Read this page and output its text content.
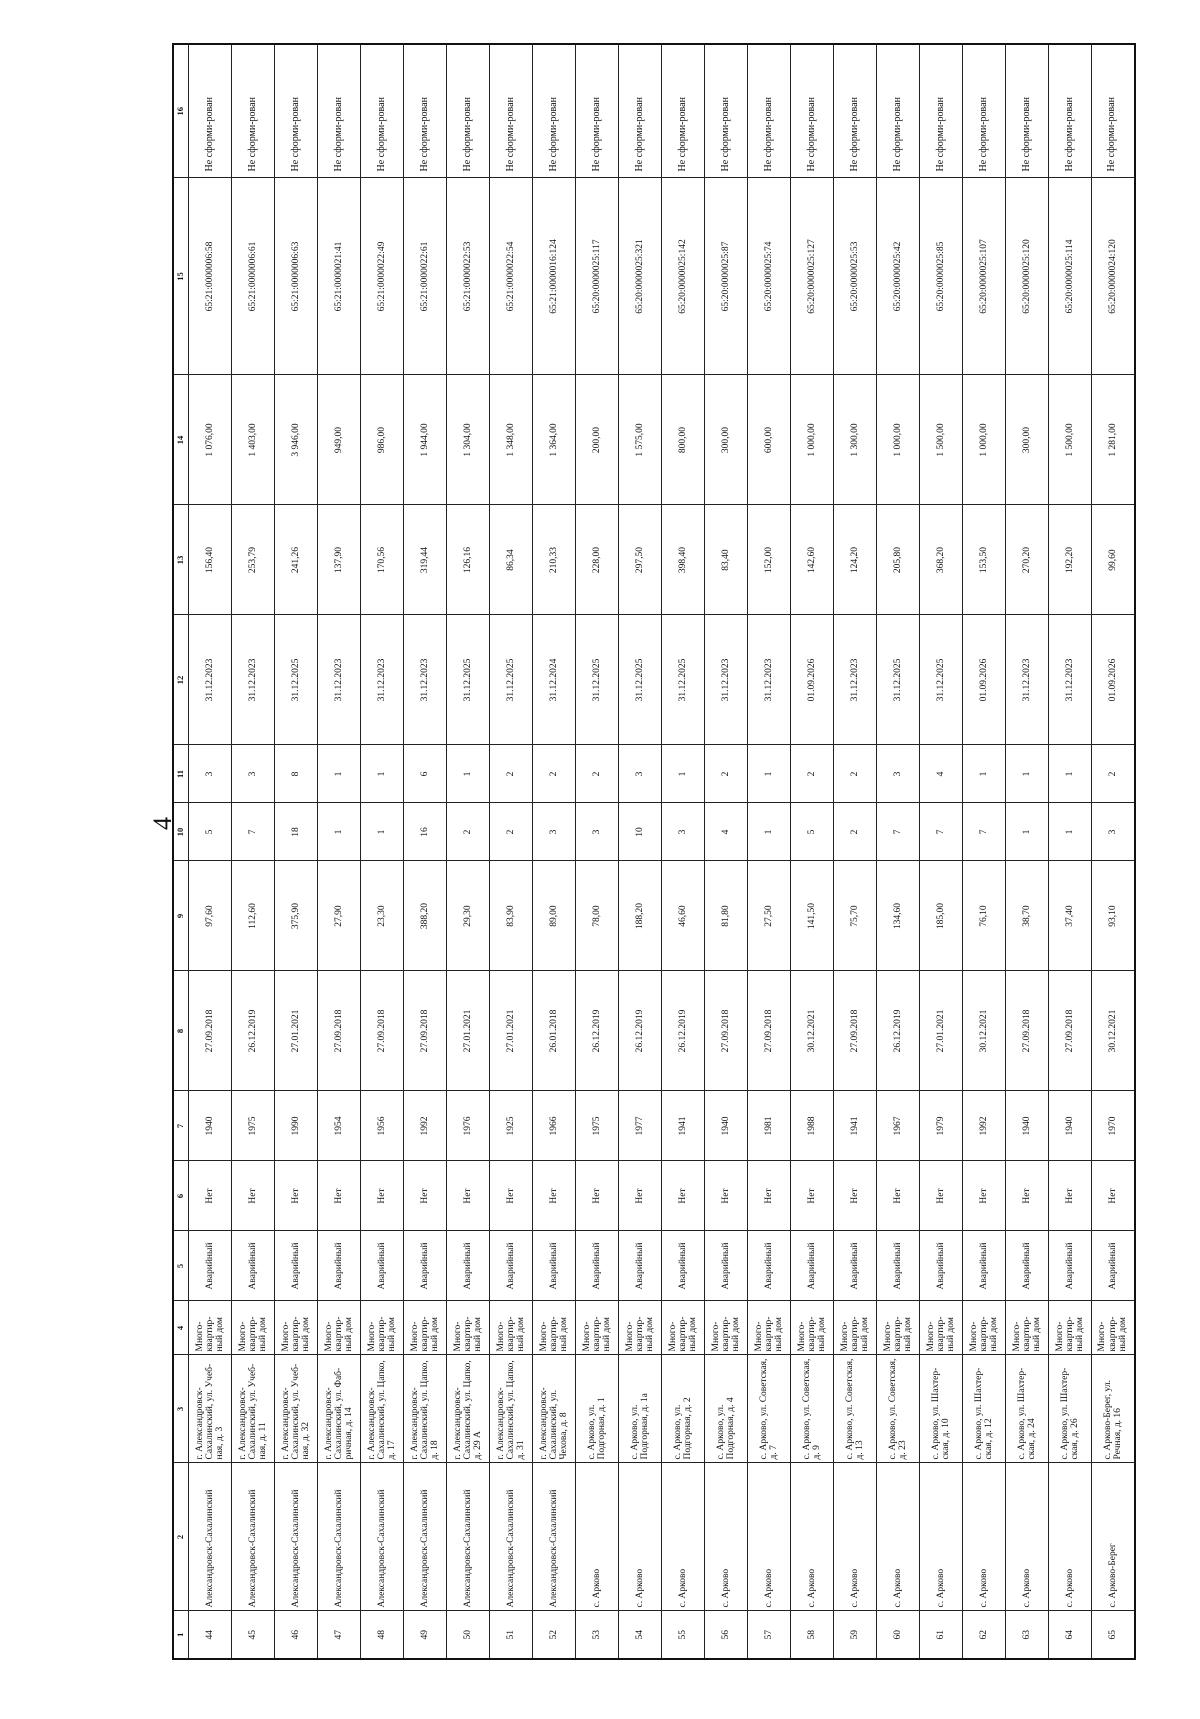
4
1	2	3	4	5	6	7	8	9	10	11	12	13	14	15	16
44	Александровск-Сахалинский	г. Александровск-Сахалинский, ул. Учеб-ная, д. 3	Много-квартир-ный дом	Аварийный	Нет	1940	27.09.2018	97,60	5	3	31.12.2023	156,40	1 076,00	65:21:0000006:58	Не сформи-рован
45	Александровск-Сахалинский	г. Александровск-Сахалинский, ул. Учеб-ная, д. 11	Много-квартир-ный дом	Аварийный	Нет	1975	26.12.2019	112,60	7	3	31.12.2023	253,79	1 403,00	65:21:0000006:61	Не сформи-рован
46	Александровск-Сахалинский	г. Александровск-Сахалинский, ул. Учеб-ная, д. 32	Много-квартир-ный дом	Аварийный	Нет	1990	27.01.2021	375,90	18	8	31.12.2025	241,26	3 946,00	65:21:0000006:63	Не сформи-рован
47	Александровск-Сахалинский	г. Александровск-Сахалинский, ул. Фаб-ричная, д. 14	Много-квартир-ный дом	Аварийный	Нет	1954	27.09.2018	27,90	1	1	31.12.2023	137,90	949,00	65:21:0000021:41	Не сформи-рован
48	Александровск-Сахалинский	г. Александровск-Сахалинский, ул. Цапко, д. 17	Много-квартир-ный дом	Аварийный	Нет	1956	27.09.2018	23,30	1	1	31.12.2023	170,56	986,00	65:21:0000022:49	Не сформи-рован
49	Александровск-Сахалинский	г. Александровск-Сахалинский, ул. Цапко, д. 18	Много-квартир-ный дом	Аварийный	Нет	1992	27.09.2018	388,20	16	6	31.12.2023	319,44	1 944,00	65:21:0000022:61	Не сформи-рован
50	Александровск-Сахалинский	г. Александровск-Сахалинский, ул. Цапко, д. 29 А	Много-квартир-ный дом	Аварийный	Нет	1976	27.01.2021	29,30	2	1	31.12.2025	126,16	1 304,00	65:21:0000022:53	Не сформи-рован
51	Александровск-Сахалинский	г. Александровск-Сахалинский, ул. Цапко, д. 31	Много-квартир-ный дом	Аварийный	Нет	1925	27.01.2021	83,90	2	2	31.12.2025	86,34	1 348,00	65:21:0000022:54	Не сформи-рован
52	Александровск-Сахалинский	г. Александровск-Сахалинский, ул. Чехова, д. 8	Много-квартир-ный дом	Аварийный	Нет	1966	26.01.2018	89,00	3	2	31.12.2024	210,33	1 364,00	65:21:0000016:124	Не сформи-рован
53	с. Арково	с. Арково, ул. Подгорная, д. 1	Много-квартир-ный дом	Аварийный	Нет	1975	26.12.2019	78,00	3	2	31.12.2025	228,00	200,00	65:20:0000025:117	Не сформи-рован
54	с. Арково	с. Арково, ул. Подгорная, д. 1а	Много-квартир-ный дом	Аварийный	Нет	1977	26.12.2019	188,20	10	3	31.12.2025	297,50	1 575,00	65:20:0000025:321	Не сформи-рован
55	с. Арково	с. Арково, ул. Подгорная, д. 2	Много-квартир-ный дом	Аварийный	Нет	1941	26.12.2019	46,60	3	1	31.12.2025	398,40	800,00	65:20:0000025:142	Не сформи-рован
56	с. Арково	с. Арково, ул. Подгорная, д. 4	Много-квартир-ный дом	Аварийный	Нет	1940	27.09.2018	81,80	4	2	31.12.2023	83,40	300,00	65:20:0000025:87	Не сформи-рован
57	с. Арково	с. Арково, ул. Советская, д. 7	Много-квартир-ный дом	Аварийный	Нет	1981	27.09.2018	27,50	1	1	31.12.2023	152,00	600,00	65:20:0000025:74	Не сформи-рован
58	с. Арково	с. Арково, ул. Советская, д. 9	Много-квартир-ный дом	Аварийный	Нет	1988	30.12.2021	141,50	5	2	01.09.2026	142,60	1 000,00	65:20:0000025:127	Не сформи-рован
59	с. Арково	с. Арково, ул. Советская, д. 13	Много-квартир-ный дом	Аварийный	Нет	1941	27.09.2018	75,70	2	2	31.12.2023	124,20	1 300,00	65:20:0000025:53	Не сформи-рован
60	с. Арково	с. Арково, ул. Советская, д. 23	Много-квартир-ный дом	Аварийный	Нет	1967	26.12.2019	134,60	7	3	31.12.2025	205,80	1 000,00	65:20:0000025:42	Не сформи-рован
61	с. Арково	с. Арково, ул. Шахтер-ская, д. 10	Много-квартир-ный дом	Аварийный	Нет	1979	27.01.2021	185,00	7	4	31.12.2025	368,20	1 500,00	65:20:0000025:85	Не сформи-рован
62	с. Арково	с. Арково, ул. Шахтер-ская, д. 12	Много-квартир-ный дом	Аварийный	Нет	1992	30.12.2021	76,10	7	1	01.09.2026	153,50	1 000,00	65:20:0000025:107	Не сформи-рован
63	с. Арково	с. Арково, ул. Шахтер-ская, д. 24	Много-квартир-ный дом	Аварийный	Нет	1940	27.09.2018	38,70	1	1	31.12.2023	270,20	300,00	65:20:0000025:120	Не сформи-рован
64	с. Арково	с. Арково, ул. Шахтер-ская, д. 26	Много-квартир-ный дом	Аварийный	Нет	1940	27.09.2018	37,40	1	1	31.12.2023	192,20	1 500,00	65:20:0000025:114	Не сформи-рован
65	с. Арково-Берег	с. Арково-Берег, ул. Речная, д. 16	Много-квартир-ный дом	Аварийный	Нет	1970	30.12.2021	93,10	3	2	01.09.2026	99,60	1 281,00	65:20:0000024:120	Не сформи-рован
